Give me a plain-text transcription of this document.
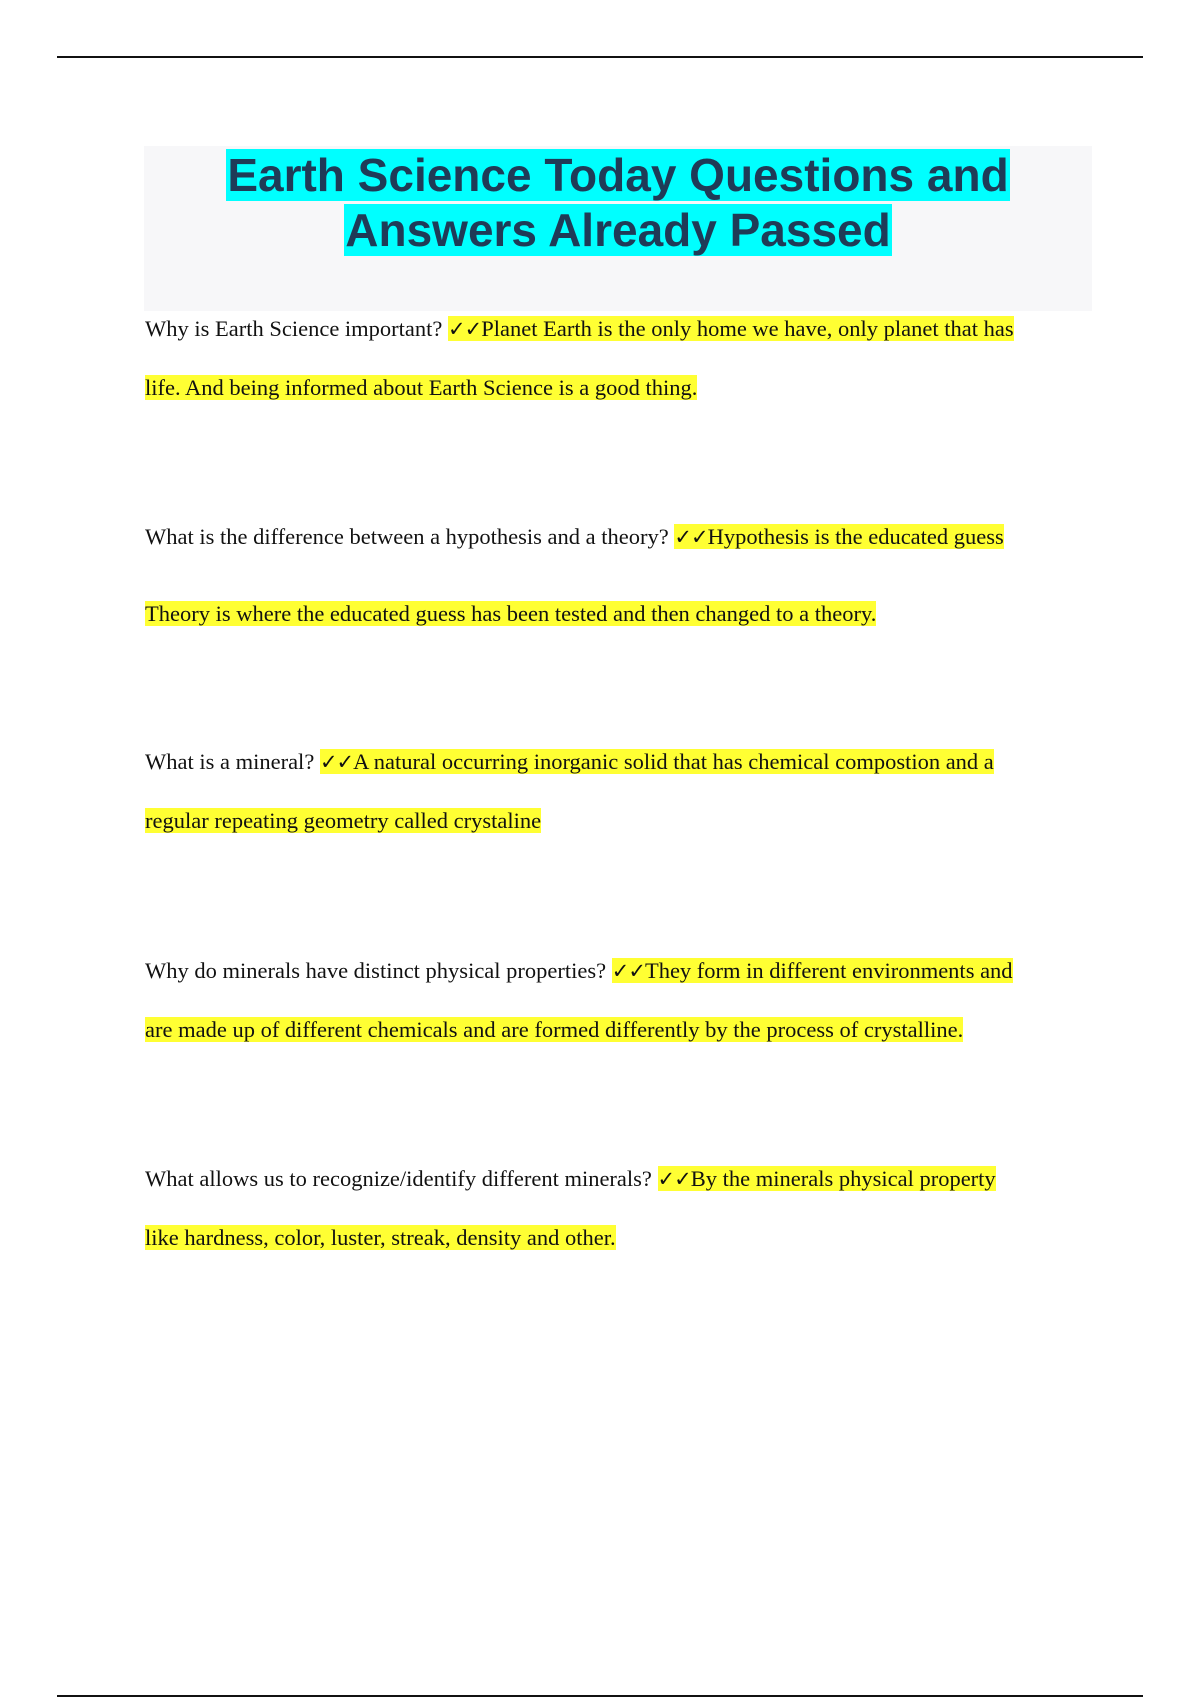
Earth Science Today Questions and
Answers Already Passed

Why is Earth Science important? ✓✓Planet Earth is the only home we have, only planet that has
life. And being informed about Earth Science is a good thing.

What is the difference between a hypothesis and a theory? ✓✓Hypothesis is the educated guess
Theory is where the educated guess has been tested and then changed to a theory.

What is a mineral? ✓✓A natural occurring inorganic solid that has chemical compostion and a
regular repeating geometry called crystaline

Why do minerals have distinct physical properties? ✓✓They form in different environments and
are made up of different chemicals and are formed differently by the process of crystalline.

What allows us to recognize/identify different minerals? ✓✓By the minerals physical property
like hardness, color, luster, streak, density and other.
